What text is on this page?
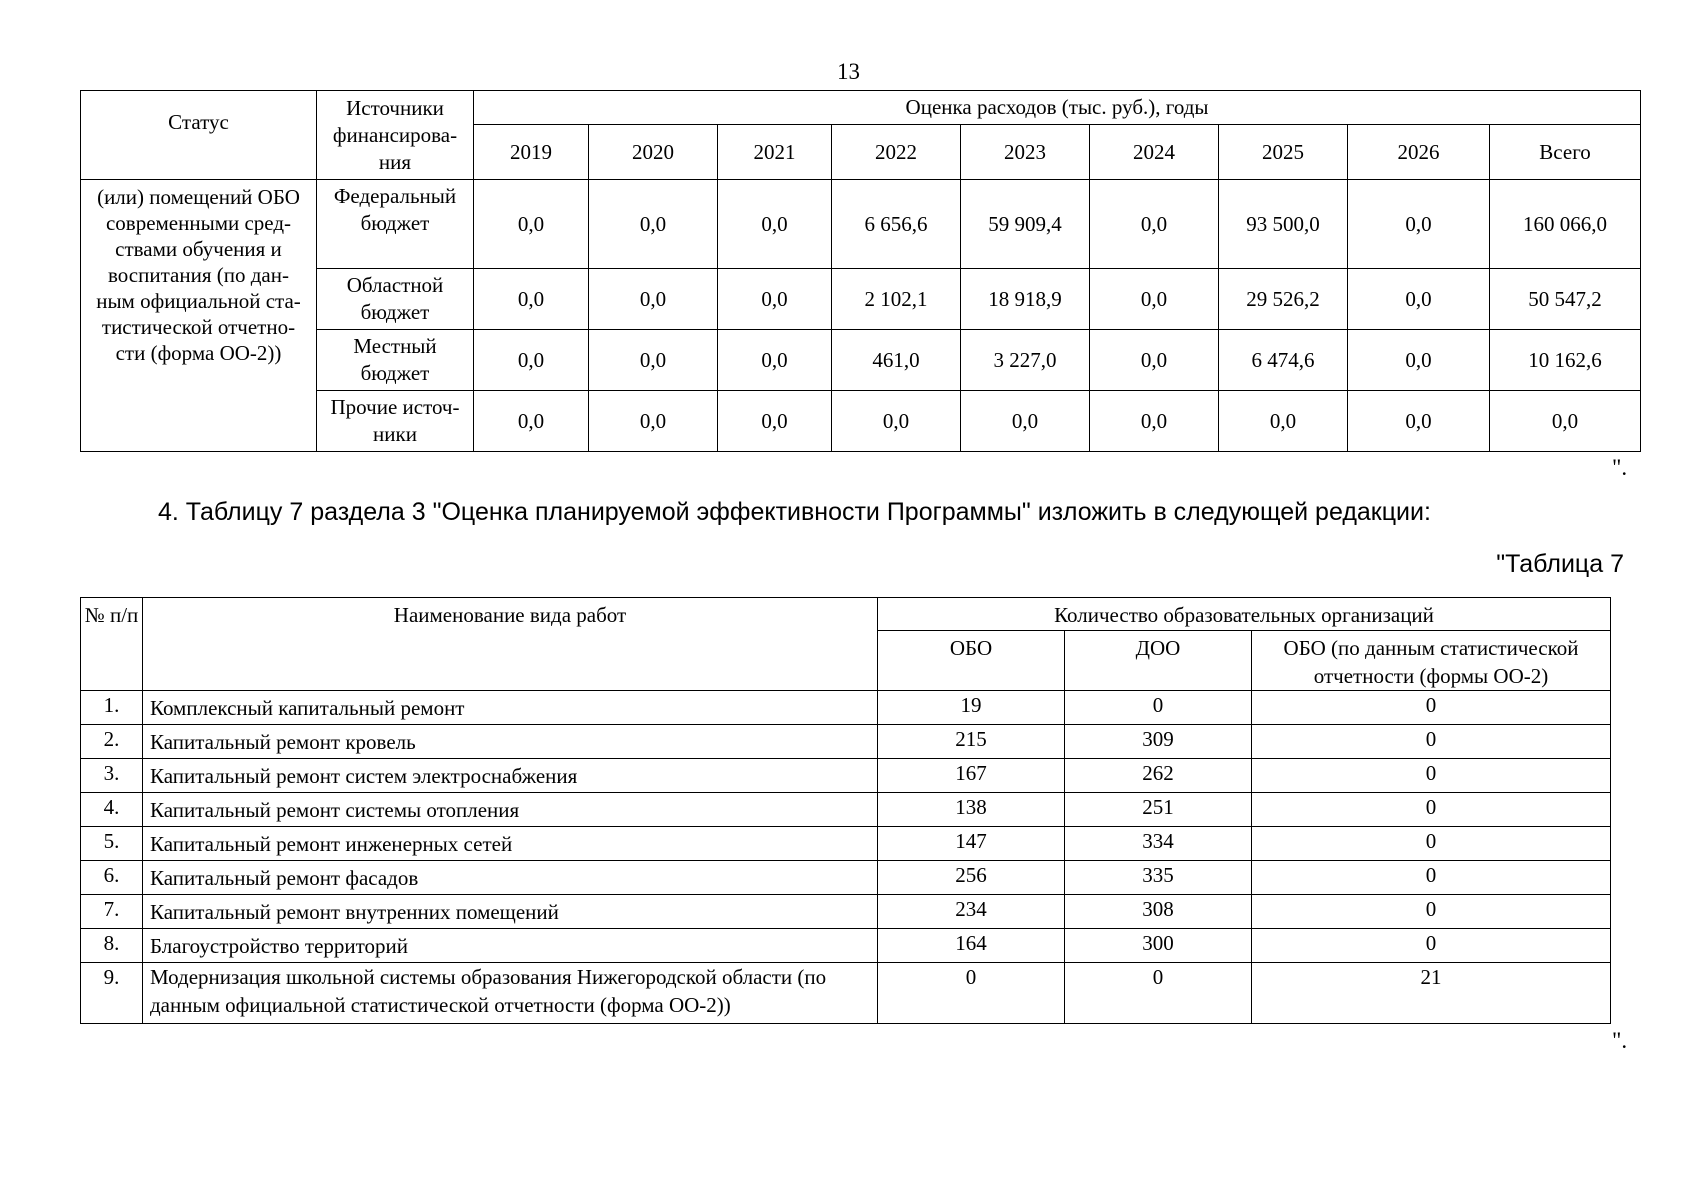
13
Статус	Источники финансирова-ния	Оценка расходов (тыс. руб.), годы								
		2019	2020	2021	2022	2023	2024	2025	2026	Всего
(или) помещений ОБО современными сред-ствами обучения и воспитания (по дан-ным официальной ста-тистической отчетно-сти (форма ОО-2))	Федеральный бюджет	0,0	0,0	0,0	6 656,6	59 909,4	0,0	93 500,0	0,0	160 066,0
	Областной бюджет	0,0	0,0	0,0	2 102,1	18 918,9	0,0	29 526,2	0,0	50 547,2
	Местный бюджет	0,0	0,0	0,0	461,0	3 227,0	0,0	6 474,6	0,0	10 162,6
	Прочие источ-ники	0,0	0,0	0,0	0,0	0,0	0,0	0,0	0,0	0,0
".
4. Таблицу 7 раздела 3 "Оценка планируемой эффективности Программы" изложить в следующей редакции:
"Таблица 7
№ п/п	Наименование вида работ	Количество образовательных организаций		
		ОБО	ДОО	ОБО (по данным статистической отчетности (формы ОО-2)
1.	Комплексный капитальный ремонт	19	0	0
2.	Капитальный ремонт кровель	215	309	0
3.	Капитальный ремонт систем электроснабжения	167	262	0
4.	Капитальный ремонт системы отопления	138	251	0
5.	Капитальный ремонт инженерных сетей	147	334	0
6.	Капитальный ремонт фасадов	256	335	0
7.	Капитальный ремонт внутренних помещений	234	308	0
8.	Благоустройство территорий	164	300	0
9.	Модернизация школьной системы образования Нижегородской области (по данным официальной статистической отчетности (форма ОО-2))	0	0	21
".
